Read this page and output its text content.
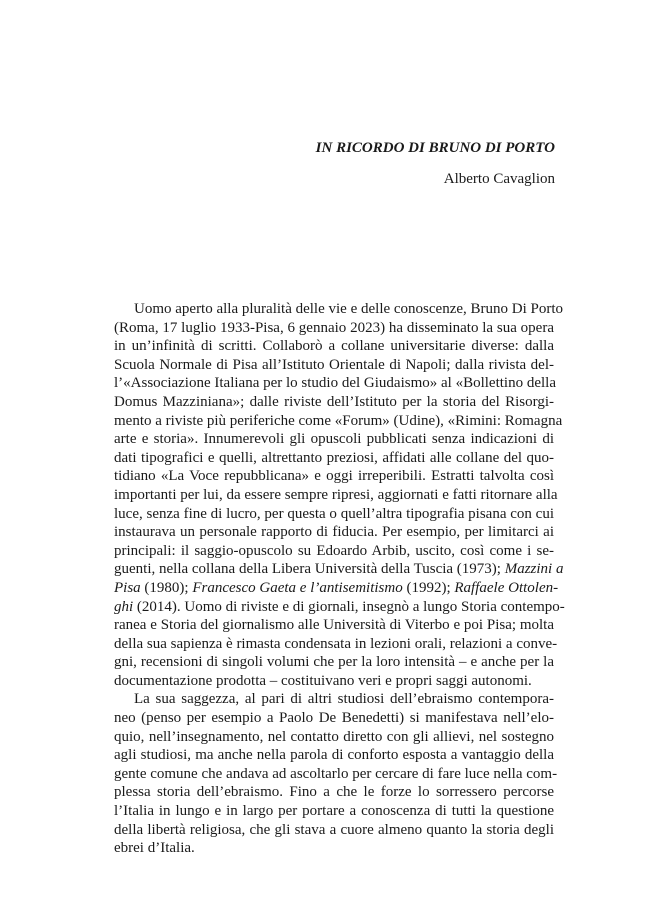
IN RICORDO DI BRUNO DI PORTO
Alberto Cavaglion
Uomo aperto alla pluralità delle vie e delle conoscenze, Bruno Di Porto
(Roma, 17 luglio 1933-Pisa, 6 gennaio 2023) ha disseminato la sua opera
in un’infinità di scritti. Collaborò a collane universitarie diverse: dalla
Scuola Normale di Pisa all’Istituto Orientale di Napoli; dalla rivista del-
l’«Associazione Italiana per lo studio del Giudaismo» al «Bollettino della
Domus Mazziniana»; dalle riviste dell’Istituto per la storia del Risorgi-
mento a riviste più periferiche come «Forum» (Udine), «Rimini: Romagna
arte e storia». Innumerevoli gli opuscoli pubblicati senza indicazioni di
dati tipografici e quelli, altrettanto preziosi, affidati alle collane del quo-
tidiano «La Voce repubblicana» e oggi irreperibili. Estratti talvolta così
importanti per lui, da essere sempre ripresi, aggiornati e fatti ritornare alla
luce, senza fine di lucro, per questa o quell’altra tipografia pisana con cui
instaurava un personale rapporto di fiducia. Per esempio, per limitarci ai
principali: il saggio-opuscolo su Edoardo Arbib, uscito, così come i se-
guenti, nella collana della Libera Università della Tuscia (1973); Mazzini a
Pisa (1980); Francesco Gaeta e l’antisemitismo (1992); Raffaele Ottolen-
ghi (2014). Uomo di riviste e di giornali, insegnò a lungo Storia contempo-
ranea e Storia del giornalismo alle Università di Viterbo e poi Pisa; molta
della sua sapienza è rimasta condensata in lezioni orali, relazioni a conve-
gni, recensioni di singoli volumi che per la loro intensità – e anche per la
documentazione prodotta – costituivano veri e propri saggi autonomi.
La sua saggezza, al pari di altri studiosi dell’ebraismo contempora-
neo (penso per esempio a Paolo De Benedetti) si manifestava nell’elo-
quio, nell’insegnamento, nel contatto diretto con gli allievi, nel sostegno
agli studiosi, ma anche nella parola di conforto esposta a vantaggio della
gente comune che andava ad ascoltarlo per cercare di fare luce nella com-
plessa storia dell’ebraismo. Fino a che le forze lo sorressero percorse
l’Italia in lungo e in largo per portare a conoscenza di tutti la questione
della libertà religiosa, che gli stava a cuore almeno quanto la storia degli
ebrei d’Italia.
